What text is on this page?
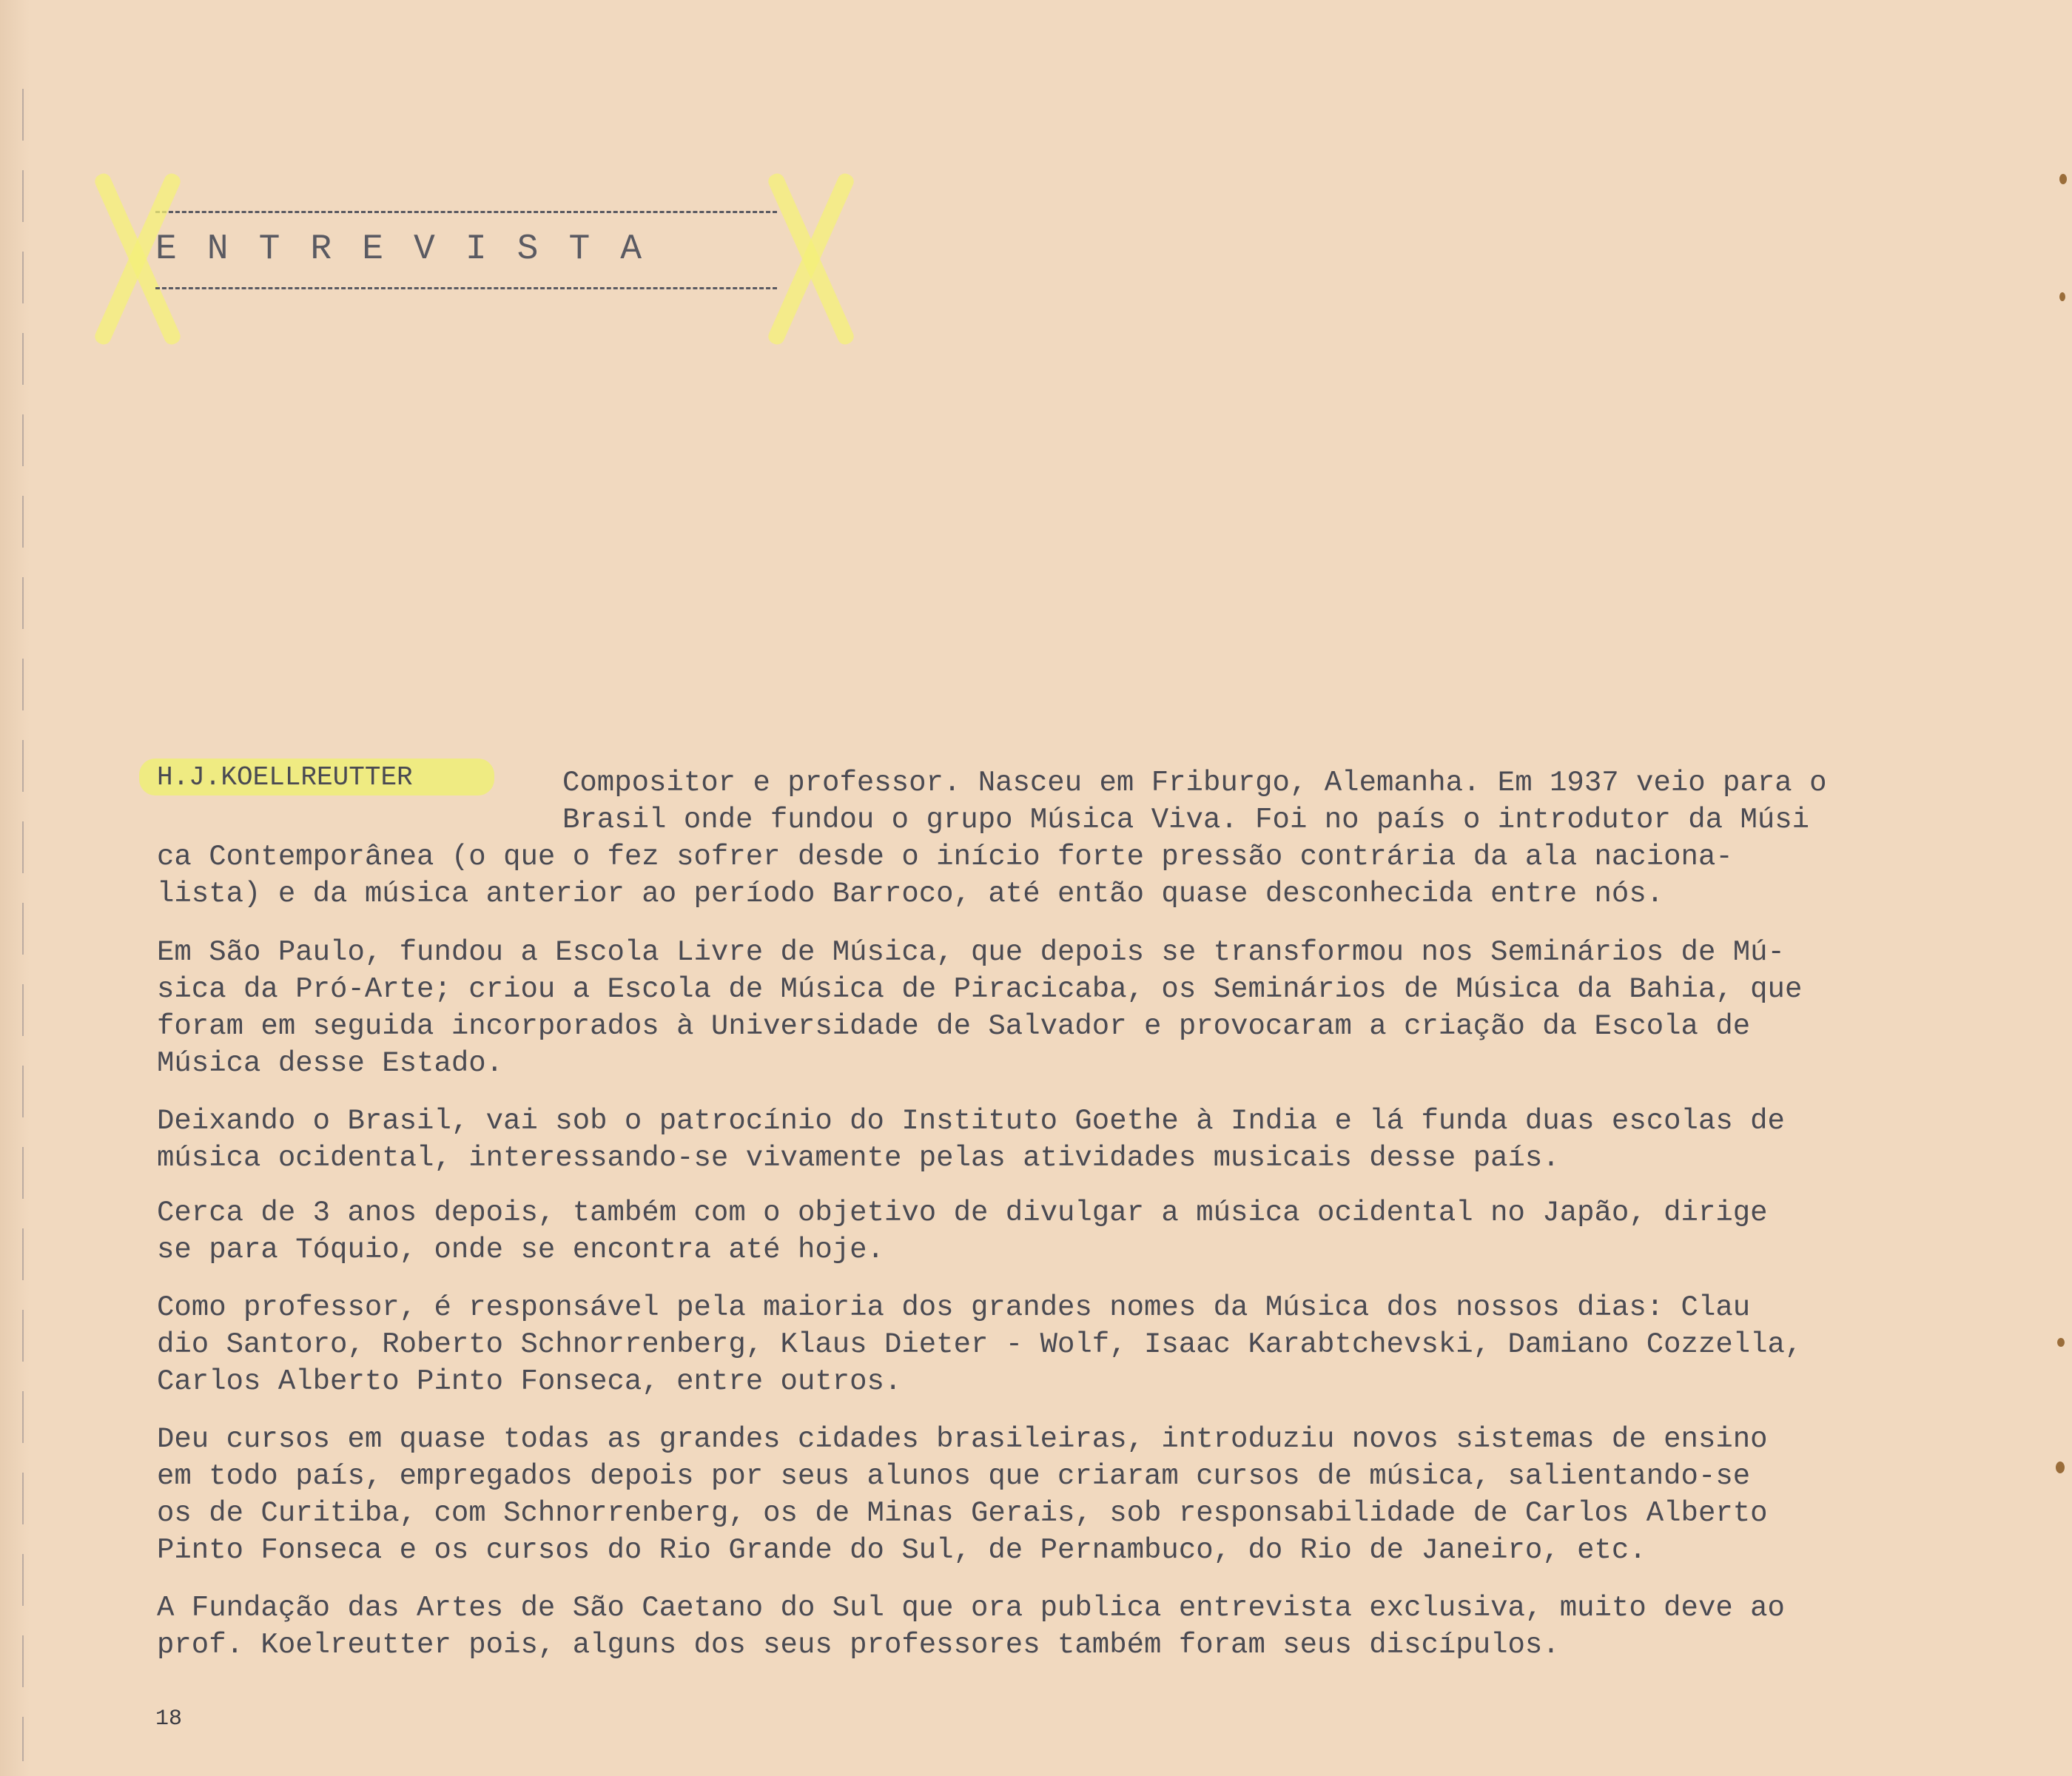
ENTREVISTA
H.J.KOELLREUTTER	Compositor e professor. Nasceu em Friburgo, Alemanha. Em 1937 veio para o
Brasil onde fundou o grupo Música Viva. Foi no país o introdutor da Músi
ca Contemporânea (o que o fez sofrer desde o início forte pressão contrária da ala naciona-
lista) e da música anterior ao período Barroco, até então quase desconhecida entre nós.
Em São Paulo, fundou a Escola Livre de Música, que depois se transformou nos Seminários de Mú-
sica da Pró-Arte; criou a Escola de Música de Piracicaba, os Seminários de Música da Bahia, que
foram em seguida incorporados à Universidade de Salvador e provocaram a criação da Escola de
Música desse Estado.
Deixando o Brasil, vai sob o patrocínio do Instituto Goethe à India e lá funda duas escolas de
música ocidental, interessando-se vivamente pelas atividades musicais desse país.
Cerca de 3 anos depois, também com o objetivo de divulgar a música ocidental no Japão, dirige
se para Tóquio, onde se encontra até hoje.
Como professor, é responsável pela maioria dos grandes nomes da Música dos nossos dias: Clau
dio Santoro, Roberto Schnorrenberg, Klaus Dieter - Wolf, Isaac Karabtchevski, Damiano Cozzella,
Carlos Alberto Pinto Fonseca, entre outros.
Deu cursos em quase todas as grandes cidades brasileiras, introduziu novos sistemas de ensino
em todo país, empregados depois por seus alunos que criaram cursos de música, salientando-se
os de Curitiba, com Schnorrenberg, os de Minas Gerais, sob responsabilidade de Carlos Alberto
Pinto Fonseca e os cursos do Rio Grande do Sul, de Pernambuco, do Rio de Janeiro, etc.
A Fundação das Artes de São Caetano do Sul que ora publica entrevista exclusiva, muito deve ao
prof. Koelreutter pois, alguns dos seus professores também foram seus discípulos.
18
